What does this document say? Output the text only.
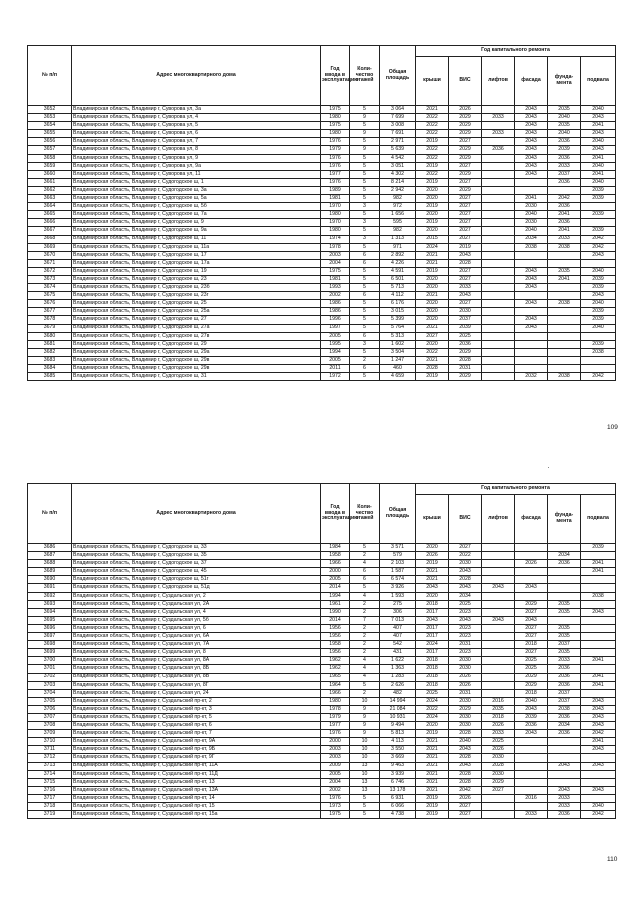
№ п/п	Адрес многоквартирного дома	Год ввода в эксплуатацию	Коли-чество этажей	Общая площадь	Год капитального ремонта					
					крыши	ВИС	лифтов	фасада	фунда-мента	подвала
3652	Владимирская область, Владимир г, Суворова ул, 3а	1975	5	3 064	2021	2026		2043	2035	2040
3653	Владимирская область, Владимир г, Суворова ул, 4	1980	9	7 699	2022	2029	2033	2043	2040	2043
3654	Владимирская область, Владимир г, Суворова ул, 5	1975	5	3 008	2022	2029		2043	2035	2041
3655	Владимирская область, Владимир г, Суворова ул, 6	1980	9	7 691	2022	2029	2033	2043	2040	2043
3656	Владимирская область, Владимир г, Суворова ул, 7	1976	5	2 971	2019	2027		2043	2036	2040
3657	Владимирская область, Владимир г, Суворова ул, 8	1979	9	5 639	2022	2029	2036	2043	2039	2043
3658	Владимирская область, Владимир г, Суворова ул, 9	1976	5	4 542	2022	2029		2043	2036	2041
3659	Владимирская область, Владимир г, Суворова ул, 9а	1976	5	3 051	2019	2027		2043	2033	2040
3660	Владимирская область, Владимир г, Суворова ул, 11	1977	5	4 302	2022	2029		2043	2037	2041
3661	Владимирская область, Владимир г, Судогодское ш, 1	1976	5	8 214	2019	2027			2036	2040
3662	Владимирская область, Владимир г, Судогодское ш, 3а	1989	5	2 942	2020	2029				2039
3663	Владимирская область, Владимир г, Судогодское ш, 5а	1981	5	982	2020	2027		2041	2042	2039
3664	Владимирская область, Владимир г, Судогодское ш, 5б	1970	3	972	2019	2027		2030	2036	
3665	Владимирская область, Владимир г, Судогодское ш, 7а	1980	5	1 656	2020	2027		2040	2041	2039
3666	Владимирская область, Владимир г, Судогодское ш, 9	1970	3	595	2019	2027		2030	2036	
3667	Владимирская область, Владимир г, Судогодское ш, 9а	1980	5	982	2020	2027		2040	2041	2039
3668	Владимирская область, Владимир г, Судогодское ш, 11	1974	3	1 313	2015	2027		2034	2033	2042
3669	Владимирская область, Владимир г, Судогодское ш, 11а	1978	5	971	2024	2019		2038	2038	2042
3670	Владимирская область, Владимир г, Судогодское ш, 17	2003	6	2 892	2021	2043				2043
3671	Владимирская область, Владимир г, Судогодское ш, 17а	2004	6	4 226	2021	2028				
3672	Владимирская область, Владимир г, Судогодское ш, 19	1975	5	4 591	2019	2027		2043	2035	2040
3673	Владимирская область, Владимир г, Судогодское ш, 23	1981	5	6 501	2020	2027		2043	2041	2039
3674	Владимирская область, Владимир г, Судогодское ш, 23б	1993	5	5 713	2020	2033		2043		2039
3675	Владимирская область, Владимир г, Судогодское ш, 23г	2002	6	4 112	2021	2043				2043
3676	Владимирская область, Владимир г, Судогодское ш, 25	1986	5	6 176	2020	2027		2043	2038	2040
3677	Владимирская область, Владимир г, Судогодское ш, 25а	1986	5	3 015	2020	2030				2039
3678	Владимирская область, Владимир г, Судогодское ш, 27	1996	5	5 399	2020	2037		2043		2039
3679	Владимирская область, Владимир г, Судогодское ш, 27а	1997	5	5 764	2021	2039		2043		2040
3680	Владимирская область, Владимир г, Судогодское ш, 27в	2005	6	5 313	2027	2025				
3681	Владимирская область, Владимир г, Судогодское ш, 29	1995	3	1 602	2020	2036				2039
3682	Владимирская область, Владимир г, Судогодское ш, 29а	1994	5	3 504	2022	2029				2038
3683	Владимирская область, Владимир г, Судогодское ш, 29в	2005	2	1 247	2021	2028				
3684	Владимирская область, Владимир г, Судогодское ш, 29в	2011	6	460	2028	2031				
3685	Владимирская область, Владимир г, Судогодское ш, 31	1972	5	4 659	2019	2029		2032	2038	2042
109
№ п/п	Адрес многоквартирного дома	Год ввода в эксплуатацию	Коли-чество этажей	Общая площадь	Год капитального ремонта					
					крыши	ВИС	лифтов	фасада	фунда-мента	подвала
3686	Владимирская область, Владимир г, Судогодское ш, 33	1984	5	3 571	2020	2027				2039
3687	Владимирская область, Владимир г, Судогодское ш, 35	1958	2	579	2026	2022			2034	
3688	Владимирская область, Владимир г, Судогодское ш, 37	1966	4	2 103	2019	2030		2026	2036	2041
3689	Владимирская область, Владимир г, Судогодское ш, 45	2000	6	1 587	2021	2043				2041
3690	Владимирская область, Владимир г, Судогодское ш, 51г	2005	6	6 574	2021	2028				
3691	Владимирская область, Владимир г, Судогодское ш, 51д	2014	5	3 926	2043	2043	2043	2043		
3692	Владимирская область, Владимир г, Суздальская ул, 2	1994	4	1 593	2020	2034				2038
3693	Владимирская область, Владимир г, Суздальская ул, 2А	1961	2	275	2018	2025		2029	2035	
3694	Владимирская область, Владимир г, Суздальская ул, 4	1990	2	306	2017	2023		2027	2035	2043
3695	Владимирская область, Владимир г, Суздальская ул, 5б	2014	7	7 013	2043	2043	2043	2043		
3696	Владимирская область, Владимир г, Суздальская ул, 6	1956	2	407	2017	2023		2027	2035	
3697	Владимирская область, Владимир г, Суздальская ул, 6А	1956	2	407	2017	2023		2027	2035	
3698	Владимирская область, Владимир г, Суздальская ул, 7А	1958	2	542	2024	2031		2018	2037	
3699	Владимирская область, Владимир г, Суздальская ул, 8	1956	2	431	2017	2023		2027	2035	
3700	Владимирская область, Владимир г, Суздальская ул, 8А	1962	4	1 622	2018	2030		2025	2033	2041
3701	Владимирская область, Владимир г, Суздальская ул, 8Б	1962	4	1 363	2018	2030		2025	2036	
3702	Владимирская область, Владимир г, Суздальская ул, 8В	1965	4	1 283	2018	2026		2029	2036	2041
3703	Владимирская область, Владимир г, Суздальская ул, 8Г	1964	5	2 626	2018	2026		2029	2036	2041
3704	Владимирская область, Владимир г, Суздальская ул, 24	1966	2	482	2025	2031		2018	2037	
3705	Владимирская область, Владимир г, Суздальский пр-кт, 2	1980	10	14 994	2024	2030	2016	2040	2037	2043
3706	Владимирская область, Владимир г, Суздальский пр-кт, 3	1978	9	21 084	2022	2029	2035	2043	2038	2043
3707	Владимирская область, Владимир г, Суздальский пр-кт, 5	1979	9	10 931	2024	2030	2018	2039	2036	2043
3708	Владимирская область, Владимир г, Суздальский пр-кт, 6	1977	9	9 494	2020	2030	2026	2036	2034	2043
3709	Владимирская область, Владимир г, Суздальский пр-кт, 7	1976	9	5 813	2019	2028	2033	2043	2036	2042
3710	Владимирская область, Владимир г, Суздальский пр-кт, 9А	2000	10	4 113	2021	2040	2025			2041
3711	Владимирская область, Владимир г, Суздальский пр-кт, 9Б	2003	10	3 550	2021	2043	2026			2043
3712	Владимирская область, Владимир г, Суздальский пр-кт, 9Г	2003	10	3 669	2021	2028	2030			
3713	Владимирская область, Владимир г, Суздальский пр-кт, 11А	2009	13	9 463	2021	2043	2028		2043	2043
3714	Владимирская область, Владимир г, Суздальский пр-кт, 11Д	2005	10	3 939	2021	2028	2030			
3715	Владимирская область, Владимир г, Суздальский пр-кт, 13	2004	13	6 746	2021	2028	2029			
3716	Владимирская область, Владимир г, Суздальский пр-кт, 13А	2002	13	13 178	2021	2042	2027		2043	2043
3717	Владимирская область, Владимир г, Суздальский пр-кт, 14	1976	5	6 931	2019	2026		2016	2033	
3718	Владимирская область, Владимир г, Суздальский пр-кт, 15	1973	5	6 066	2019	2027			2033	2040
3719	Владимирская область, Владимир г, Суздальский пр-кт, 15а	1975	5	4 738	2019	2027		2033	2036	2042
110
